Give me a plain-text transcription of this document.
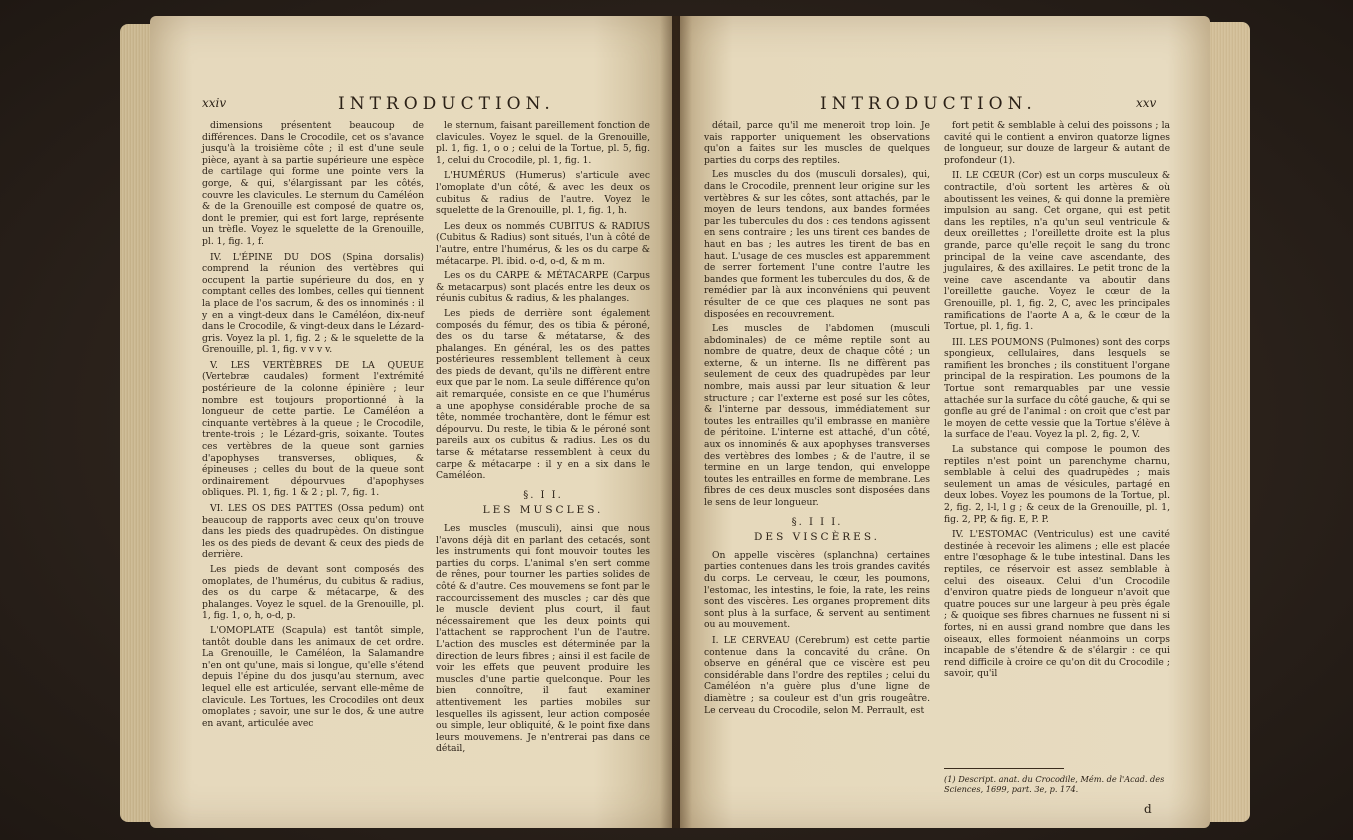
xxiv	INTRODUCTION.

dimensions présentent beaucoup de différences. Dans le Crocodile, cet os s'avance jusqu'à la troisième côte ; il est d'une seule pièce, ayant à sa partie supérieure une espèce de cartilage qui forme une pointe vers la gorge, & qui, s'élargissant par les côtés, couvre les clavicules. Le sternum du Caméléon & de la Grenouille est composé de quatre os, dont le premier, qui est fort large, représente un trèfle. Voyez le squelette de la Grenouille, pl. 1, fig. 1, f.

IV. L'ÉPINE DU DOS (Spina dorsalis) comprend la réunion des vertèbres qui occupent la partie supérieure du dos, en y comptant celles des lombes, celles qui tiennent la place de l'os sacrum, & des os innominés : il y en a vingt-deux dans le Caméléon, dix-neuf dans le Crocodile, & vingt-deux dans le Lézard-gris. Voyez la pl. 1, fig. 2 ; & le squelette de la Grenouille, pl. 1, fig. v v v v.

V. LES VERTÈBRES DE LA QUEUE (Vertebræ caudales) forment l'extrémité postérieure de la colonne épinière ; leur nombre est toujours proportionné à la longueur de cette partie. Le Caméléon a cinquante vertèbres à la queue ; le Crocodile, trente-trois ; le Lézard-gris, soixante. Toutes ces vertèbres de la queue sont garnies d'apophyses transverses, obliques, & épineuses ; celles du bout de la queue sont ordinairement dépourvues d'apophyses obliques. Pl. 1, fig. 1 & 2 ; pl. 7, fig. 1.

VI. LES OS DES PATTES (Ossa pedum) ont beaucoup de rapports avec ceux qu'on trouve dans les pieds des quadrupèdes. On distingue les os des pieds de devant & ceux des pieds de derrière.

Les pieds de devant sont composés des omoplates, de l'humérus, du cubitus & radius, des os du carpe & métacarpe, & des phalanges. Voyez le squel. de la Grenouille, pl. 1, fig. 1, o, h, o-d, p.

L'OMOPLATE (Scapula) est tantôt simple, tantôt double dans les animaux de cet ordre. La Grenouille, le Caméléon, la Salamandre n'en ont qu'une, mais si longue, qu'elle s'étend depuis l'épine du dos jusqu'au sternum, avec lequel elle est articulée, servant elle-même de clavicule. Les Tortues, les Crocodiles ont deux omoplates ; savoir, une sur le dos, & une autre en avant, articulée avec

le sternum, faisant pareillement fonction de clavicules. Voyez le squel. de la Grenouille, pl. 1, fig. 1, o o ; celui de la Tortue, pl. 5, fig. 1, celui du Crocodile, pl. 1, fig. 1.

L'HUMÉRUS (Humerus) s'articule avec l'omoplate d'un côté, & avec les deux os cubitus & radius de l'autre. Voyez le squelette de la Grenouille, pl. 1, fig. 1, h.

Les deux os nommés CUBITUS & RADIUS (Cubitus & Radius) sont situés, l'un à côté de l'autre, entre l'humérus, & les os du carpe & métacarpe. Pl. ibid. o-d, o-d, & m m.

Les os du CARPE & MÉTACARPE (Carpus & metacarpus) sont placés entre les deux os réunis cubitus & radius, & les phalanges.

Les pieds de derrière sont également composés du fémur, des os tibia & péroné, des os du tarse & métatarse, & des phalanges. En général, les os des pattes postérieures ressemblent tellement à ceux des pieds de devant, qu'ils ne diffèrent entre eux que par le nom. La seule différence qu'on ait remarquée, consiste en ce que l'humérus a une apophyse considérable proche de sa tête, nommée trochantère, dont le fémur est dépourvu. Du reste, le tibia & le péroné sont pareils aux os cubitus & radius. Les os du tarse & métatarse ressemblent à ceux du carpe & métacarpe : il y en a six dans le Caméléon.

§. I I.
LES MUSCLES.

Les muscles (musculi), ainsi que nous l'avons déjà dit en parlant des cetacés, sont les instruments qui font mouvoir toutes les parties du corps. L'animal s'en sert comme de rênes, pour tourner les parties solides de côté & d'autre. Ces mouvemens se font par le raccourcissement des muscles ; car dès que le muscle devient plus court, il faut nécessairement que les deux points qui l'attachent se rapprochent l'un de l'autre. L'action des muscles est déterminée par la direction de leurs fibres ; ainsi il est facile de voir les effets que peuvent produire les muscles d'une partie quelconque. Pour les bien connoître, il faut examiner attentivement les parties mobiles sur lesquelles ils agissent, leur action composée ou simple, leur obliquité, & le point fixe dans leurs mouvemens. Je n'entrerai pas dans ce détail,

INTRODUCTION.	xxv

détail, parce qu'il me meneroit trop loin. Je vais rapporter uniquement les observations qu'on a faites sur les muscles de quelques parties du corps des reptiles.

Les muscles du dos (musculi dorsales), qui, dans le Crocodile, prennent leur origine sur les vertèbres & sur les côtes, sont attachés, par le moyen de leurs tendons, aux bandes formées par les tubercules du dos : ces tendons agissent en sens contraire ; les uns tirent ces bandes de haut en bas ; les autres les tirent de bas en haut. L'usage de ces muscles est apparemment de serrer fortement l'une contre l'autre les bandes que forment les tubercules du dos, & de remédier par là aux inconvéniens qui peuvent résulter de ce que ces plaques ne sont pas disposées en recouvrement.

Les muscles de l'abdomen (musculi abdominales) de ce même reptile sont au nombre de quatre, deux de chaque côté ; un externe, & un interne. Ils ne diffèrent pas seulement de ceux des quadrupèdes par leur nombre, mais aussi par leur situation & leur structure ; car l'externe est posé sur les côtes, & l'interne par dessous, immédiatement sur toutes les entrailles qu'il embrasse en manière de péritoine. L'interne est attaché, d'un côté, aux os innominés & aux apophyses transverses des vertèbres des lombes ; & de l'autre, il se termine en un large tendon, qui enveloppe toutes les entrailles en forme de membrane. Les fibres de ces deux muscles sont disposées dans le sens de leur longueur.

§. I I I.
DES VISCÈRES.

On appelle viscères (splanchna) certaines parties contenues dans les trois grandes cavités du corps. Le cerveau, le cœur, les poumons, l'estomac, les intestins, le foie, la rate, les reins sont des viscères. Les organes proprement dits sont plus à la surface, & servent au sentiment ou au mouvement.

I. LE CERVEAU (Cerebrum) est cette partie contenue dans la concavité du crâne. On observe en général que ce viscère est peu considérable dans l'ordre des reptiles ; celui du Caméléon n'a guère plus d'une ligne de diamètre ; sa couleur est d'un gris rougeâtre. Le cerveau du Crocodile, selon M. Perrault, est

fort petit & semblable à celui des poissons ; la cavité qui le contient a environ quatorze lignes de longueur, sur douze de largeur & autant de profondeur (1).

II. LE CŒUR (Cor) est un corps musculeux & contractile, d'où sortent les artères & où aboutissent les veines, & qui donne la première impulsion au sang. Cet organe, qui est petit dans les reptiles, n'a qu'un seul ventricule & deux oreillettes ; l'oreillette droite est la plus grande, parce qu'elle reçoit le sang du tronc principal de la veine cave ascendante, des jugulaires, & des axillaires. Le petit tronc de la veine cave ascendante va aboutir dans l'oreillette gauche. Voyez le cœur de la Grenouille, pl. 1, fig. 2, C, avec les principales ramifications de l'aorte A a, & le cœur de la Tortue, pl. 1, fig. 1.

III. LES POUMONS (Pulmones) sont des corps spongieux, cellulaires, dans lesquels se ramifient les bronches ; ils constituent l'organe principal de la respiration. Les poumons de la Tortue sont remarquables par une vessie attachée sur la surface du côté gauche, & qui se gonfle au gré de l'animal : on croit que c'est par le moyen de cette vessie que la Tortue s'élève à la surface de l'eau. Voyez la pl. 2, fig. 2, V.

La substance qui compose le poumon des reptiles n'est point un parenchyme charnu, semblable à celui des quadrupèdes ; mais seulement un amas de vésicules, partagé en deux lobes. Voyez les poumons de la Tortue, pl. 2, fig. 2, l-l, l g ; & ceux de la Grenouille, pl. 1, fig. 2, PP, & fig. E, P. P.

IV. L'ESTOMAC (Ventriculus) est une cavité destinée à recevoir les alimens ; elle est placée entre l'œsophage & le tube intestinal. Dans les reptiles, ce réservoir est assez semblable à celui des oiseaux. Celui d'un Crocodile d'environ quatre pieds de longueur n'avoit que quatre pouces sur une largeur à peu près égale ; & quoique ses fibres charnues ne fussent ni si fortes, ni en aussi grand nombre que dans les oiseaux, elles formoient néanmoins un corps incapable de s'étendre & de s'élargir : ce qui rend difficile à croire ce qu'on dit du Crocodile ; savoir, qu'il

(1) Descript. anat. du Crocodile, Mém. de l'Acad. des Sciences, 1699, part. 3e, p. 174.
d
